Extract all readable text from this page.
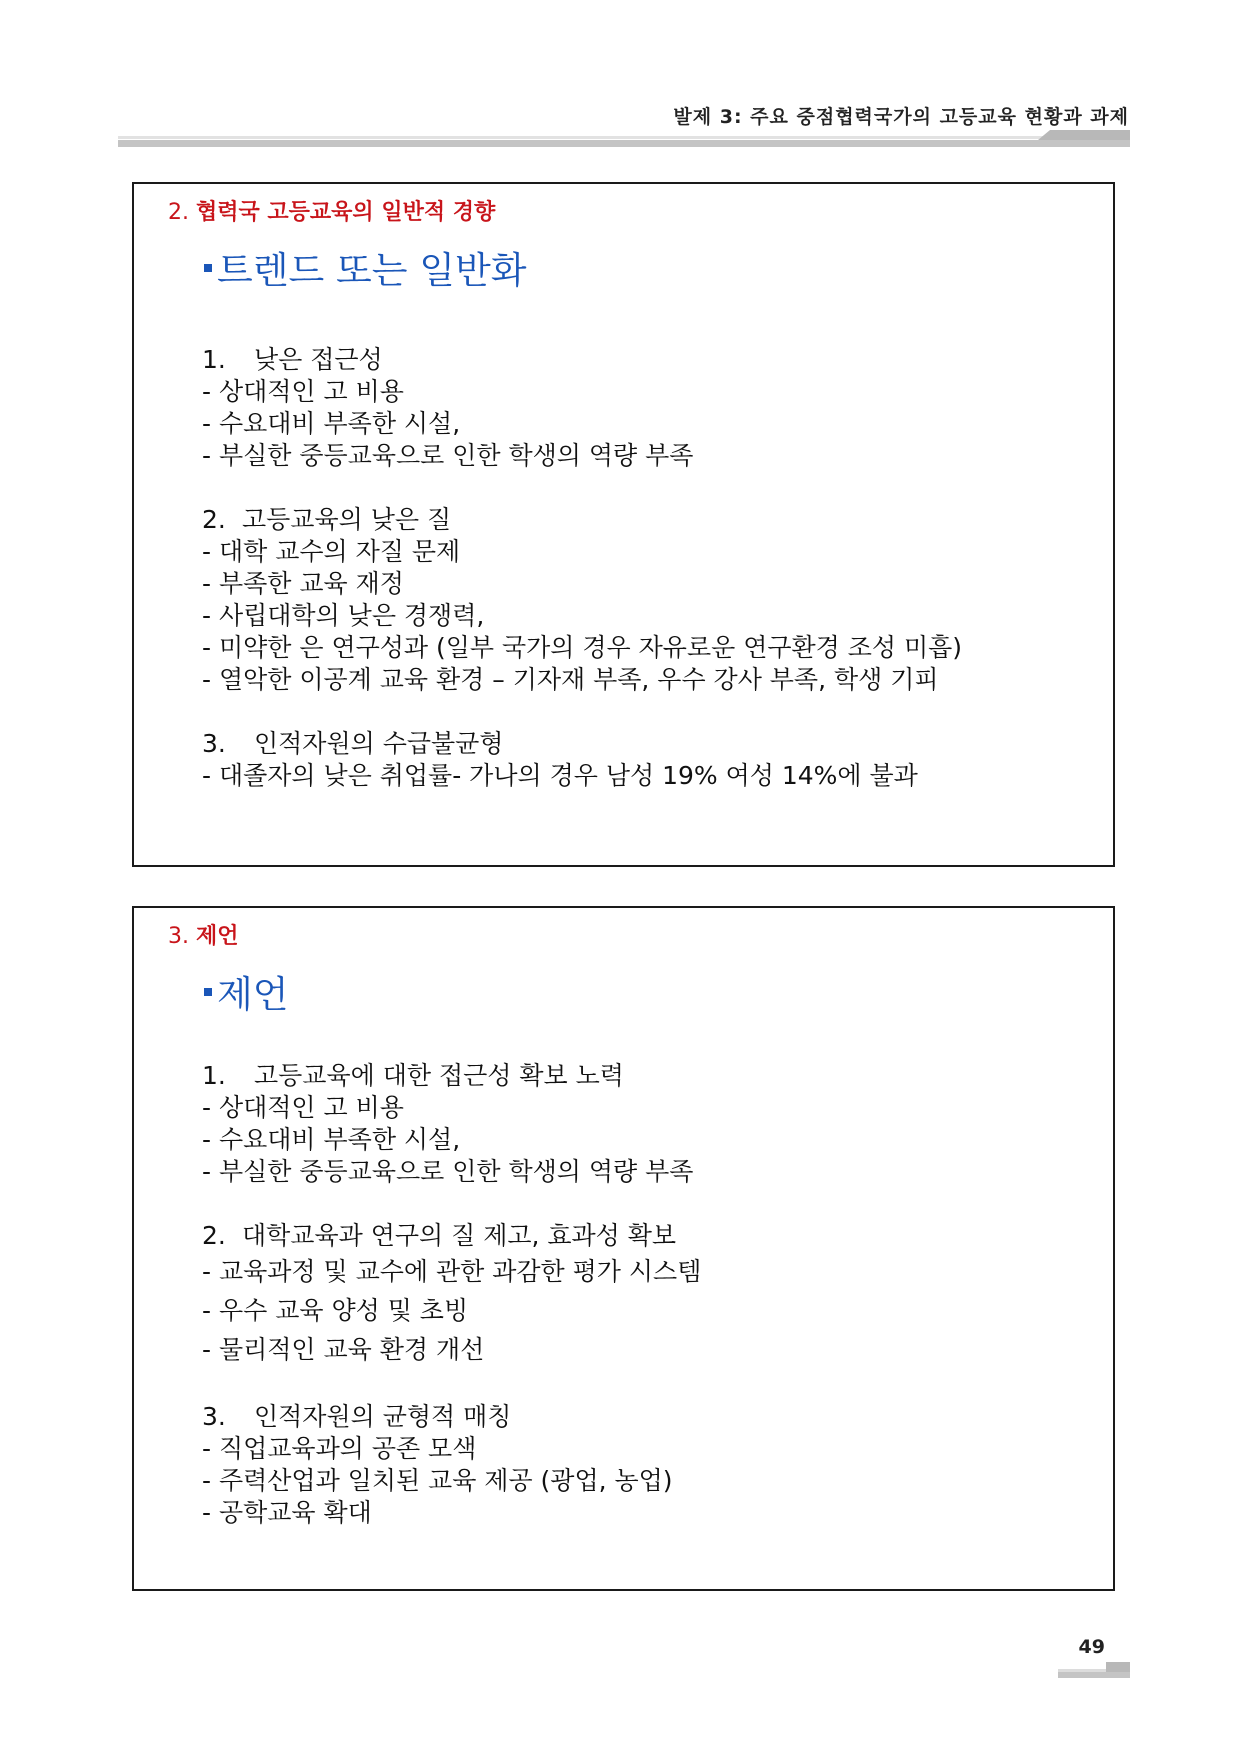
발제 3: 주요 중점협력국가의 고등교육 현황과 과제
2. 협력국 고등교육의 일반적 경향
트렌드 또는 일반화
1. 낮은 접근성
- 상대적인 고 비용
- 수요대비 부족한 시설,
- 부실한 중등교육으로 인한 학생의 역량 부족
2. 고등교육의 낮은 질
- 대학 교수의 자질 문제
- 부족한 교육 재정
- 사립대학의 낮은 경쟁력,
- 미약한 은 연구성과 (일부 국가의 경우 자유로운 연구환경 조성 미흡)
- 열악한 이공계 교육 환경 – 기자재 부족, 우수 강사 부족, 학생 기피
3. 인적자원의 수급불균형
- 대졸자의 낮은 취업률- 가나의 경우 남성 19% 여성 14%에 불과
3. 제언
제언
1. 고등교육에 대한 접근성 확보 노력
- 상대적인 고 비용
- 수요대비 부족한 시설,
- 부실한 중등교육으로 인한 학생의 역량 부족
2. 대학교육과 연구의 질 제고, 효과성 확보
- 교육과정 및 교수에 관한 과감한 평가 시스템
- 우수 교육 양성 및 초빙
- 물리적인 교육 환경 개선
3. 인적자원의 균형적 매칭
- 직업교육과의 공존 모색
- 주력산업과 일치된 교육 제공 (광업, 농업)
- 공학교육 확대
49
